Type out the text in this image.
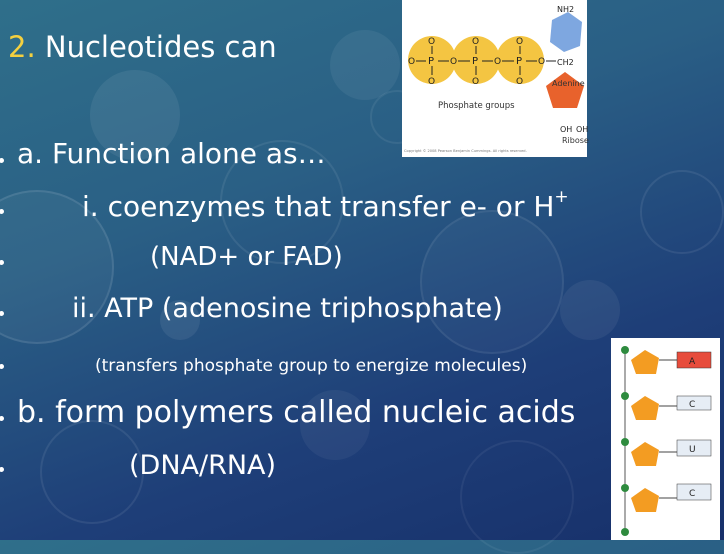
2. Nucleotides can
a. Function alone as…
i. coenzymes that transfer e- or H+
(NAD+ or FAD)
ii. ATP (adenosine triphosphate)
(transfers phosphate group to energize molecules)
b. form polymers called nucleic acids
(DNA/RNA)
P	P	P
O	O	O
O	O	O
O	O	O	O CH2
OH OH
NH2
Phosphate groups
Adenine
Ribose
Copyright © 2008 Pearson Benjamin Cummings. All rights reserved.
A
C
U
C
